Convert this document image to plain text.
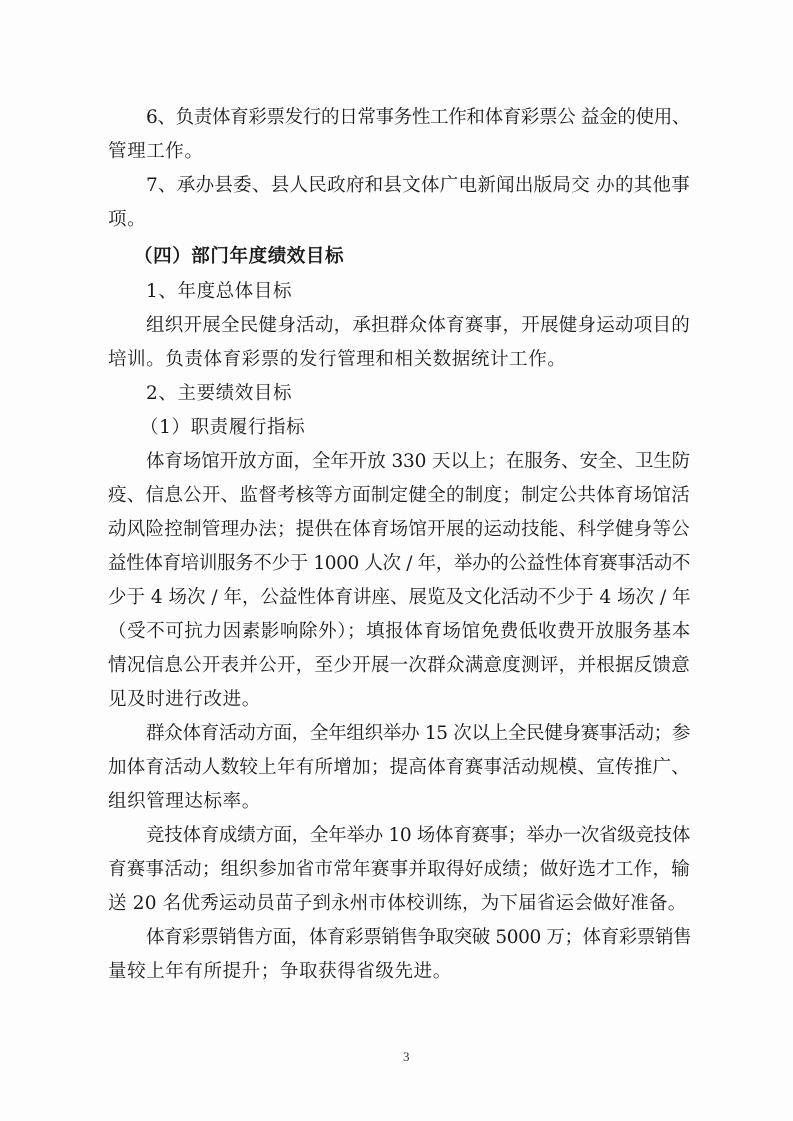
6、负责体育彩票发行的日常事务性工作和体育彩票公 益金的使用、
管理工作。
7、承办县委、县人民政府和县文体广电新闻出版局交 办的其他事
项。
（四）部门年度绩效目标
1、年度总体目标
组织开展全民健身活动，承担群众体育赛事，开展健身运动项目的
培训。负责体育彩票的发行管理和相关数据统计工作。
2、主要绩效目标
（1）职责履行指标
体育场馆开放方面，全年开放 330 天以上；在服务、安全、卫生防
疫、信息公开、监督考核等方面制定健全的制度；制定公共体育场馆活
动风险控制管理办法；提供在体育场馆开展的运动技能、科学健身等公
益性体育培训服务不少于 1000 人次 / 年，举办的公益性体育赛事活动不
少于 4 场次 / 年，公益性体育讲座、展览及文化活动不少于 4 场次 / 年
（受不可抗力因素影响除外）；填报体育场馆免费低收费开放服务基本
情况信息公开表并公开，至少开展一次群众满意度测评，并根据反馈意
见及时进行改进。
群众体育活动方面，全年组织举办 15 次以上全民健身赛事活动；参
加体育活动人数较上年有所增加；提高体育赛事活动规模、宣传推广、
组织管理达标率。
竞技体育成绩方面，全年举办 10 场体育赛事；举办一次省级竞技体
育赛事活动；组织参加省市常年赛事并取得好成绩；做好选才工作，输
送 20 名优秀运动员苗子到永州市体校训练，为下届省运会做好准备。
体育彩票销售方面，体育彩票销售争取突破 5000 万；体育彩票销售
量较上年有所提升；争取获得省级先进。
3
